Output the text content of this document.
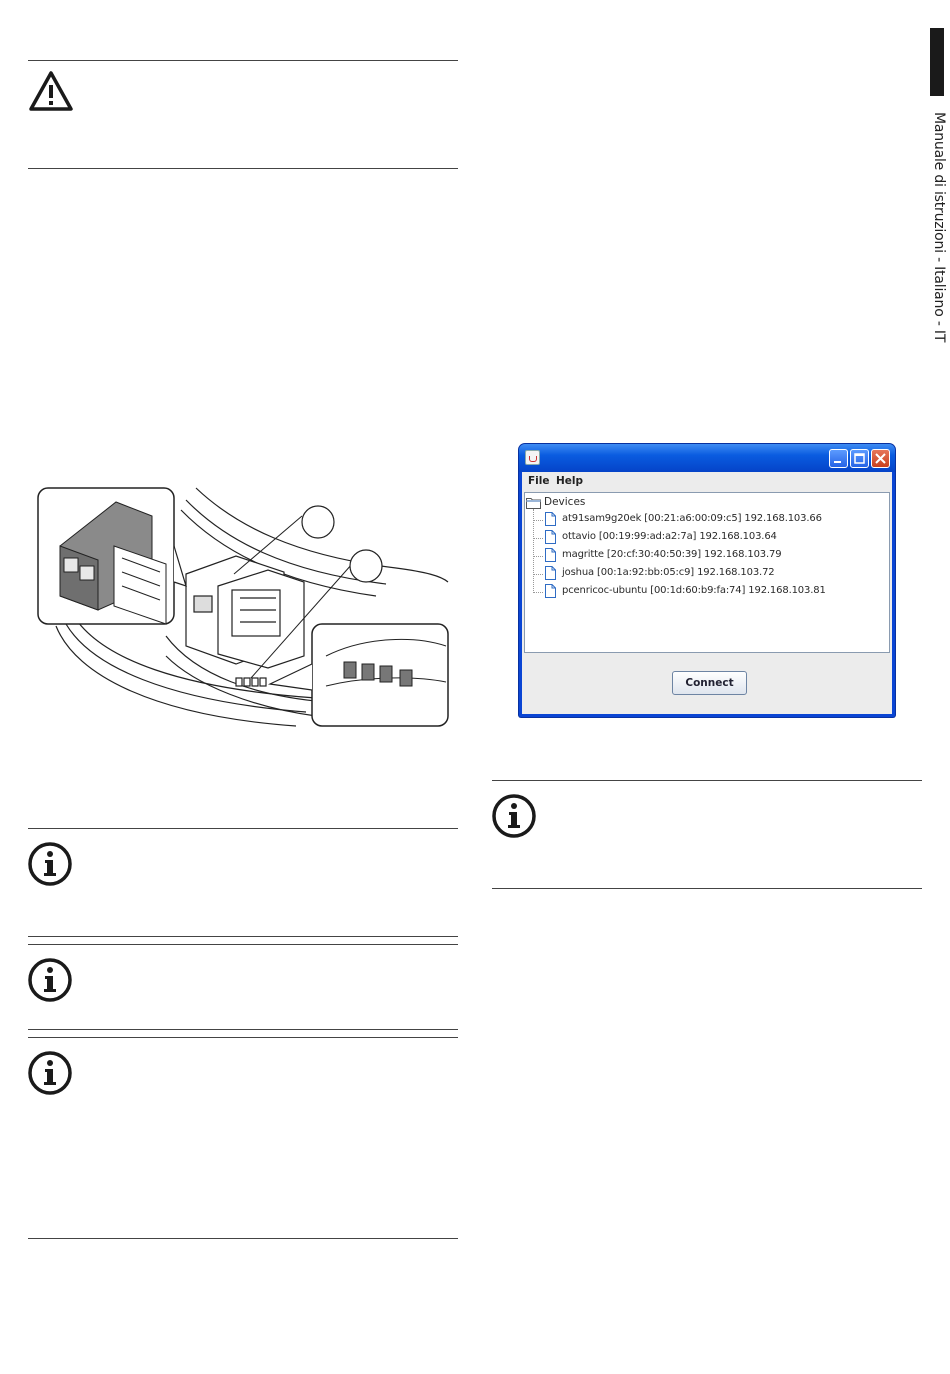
Manuale di istruzioni - Italiano - IT
File Help
Devices
at91sam9g20ek [00:21:a6:00:09:c5] 192.168.103.66
ottavio [00:19:99:ad:a2:7a] 192.168.103.64
magritte [20:cf:30:40:50:39] 192.168.103.79
joshua [00:1a:92:bb:05:c9] 192.168.103.72
pcenricoc-ubuntu [00:1d:60:b9:fa:74] 192.168.103.81
Connect
